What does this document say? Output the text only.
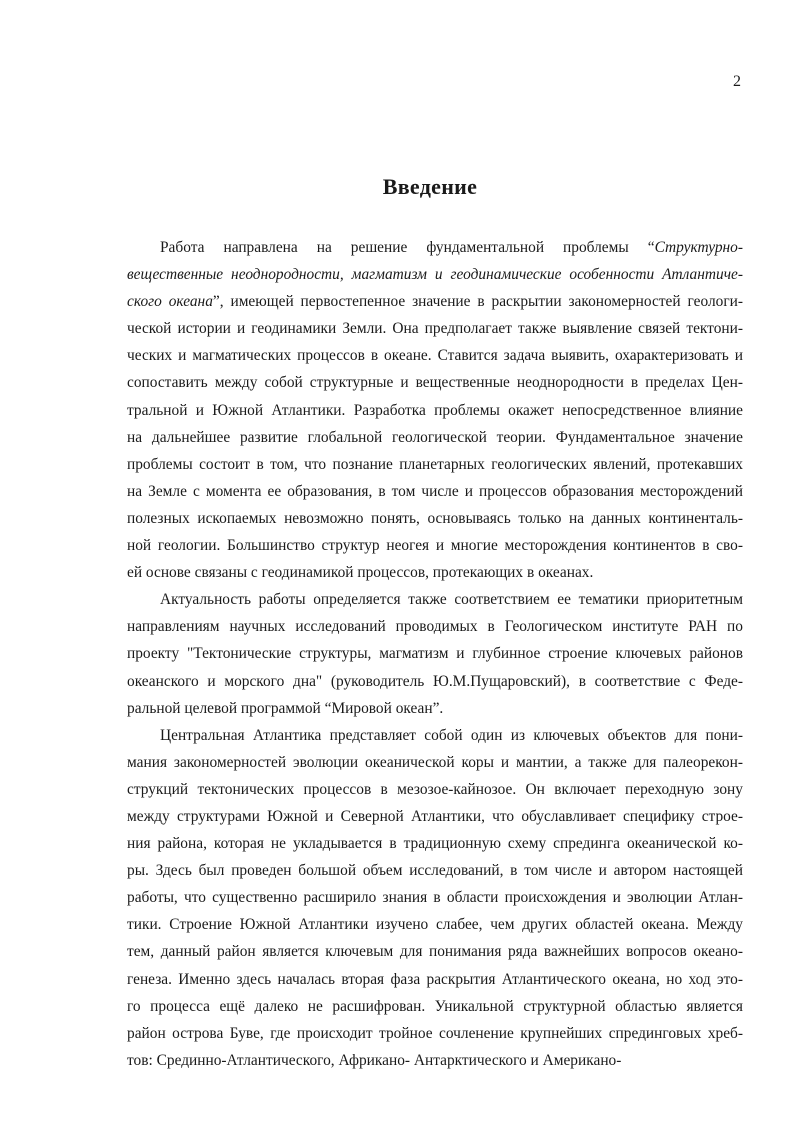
2
Введение
Работа направлена на решение фундаментальной проблемы “Структурно-
вещественные неоднородности, магматизм и геодинамические особенности Атлантиче-
ского океана”, имеющей первостепенное значение в раскрытии закономерностей геологи-
ческой истории и геодинамики Земли. Она предполагает также выявление связей тектони-
ческих и магматических процессов в океане. Ставится задача выявить, охарактеризовать и
сопоставить между собой структурные и вещественные неоднородности в пределах Цен-
тральной и Южной Атлантики. Разработка проблемы окажет непосредственное влияние
на дальнейшее развитие глобальной геологической теории. Фундаментальное значение
проблемы состоит в том, что познание планетарных геологических явлений, протекавших
на Земле с момента ее образования, в том числе и процессов образования месторождений
полезных ископаемых невозможно понять, основываясь только на данных континенталь-
ной геологии. Большинство структур неогея и многие месторождения континентов в сво-
ей основе связаны с геодинамикой процессов, протекающих в океанах.
Актуальность работы определяется также соответствием ее тематики приоритетным
направлениям научных исследований проводимых в Геологическом институте РАН по
проекту "Тектонические структуры, магматизм и глубинное строение ключевых районов
океанского и морского дна" (руководитель Ю.М.Пущаровский), в соответствие с Феде-
ральной целевой программой “Мировой океан”.
Центральная Атлантика представляет собой один из ключевых объектов для пони-
мания закономерностей эволюции океанической коры и мантии, а также для палеорекон-
струкций тектонических процессов в мезозое-кайнозое. Он включает переходную зону
между структурами Южной и Северной Атлантики, что обуславливает специфику строе-
ния района, которая не укладывается в традиционную схему спрединга океанической ко-
ры. Здесь был проведен большой объем исследований, в том числе и автором настоящей
работы, что существенно расширило знания в области происхождения и эволюции Атлан-
тики. Строение Южной Атлантики изучено слабее, чем других областей океана. Между
тем, данный район является ключевым для понимания ряда важнейших вопросов океано-
генеза. Именно здесь началась вторая фаза раскрытия Атлантического океана, но ход это-
го процесса ещё далеко не расшифрован. Уникальной структурной областью является
район острова Буве, где происходит тройное сочленение крупнейших спрединговых хреб-
тов: Срединно-Атлантического, Африкано- Антарктического и Американо-
